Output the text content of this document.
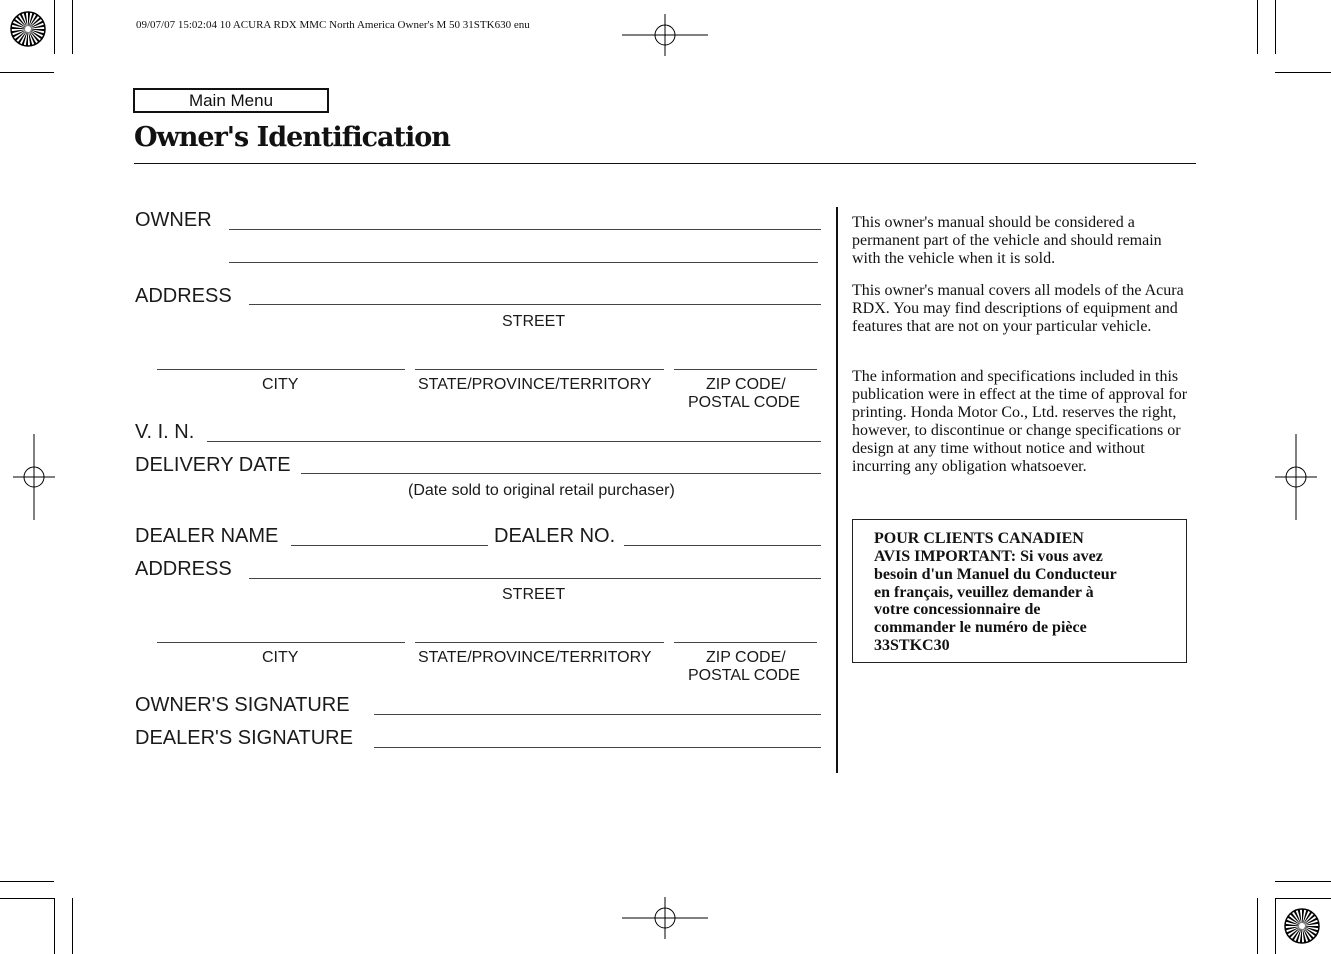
09/07/07 15:02:04 10 ACURA RDX MMC North America Owner's M 50 31STK630 enu
Main Menu
Owner's Identification
OWNER
ADDRESS
STREET
CITY	STATE/PROVINCE/TERRITORY	ZIP CODE/
POSTAL CODE
V. I. N.
DELIVERY DATE
(Date sold to original retail purchaser)
DEALER NAME	DEALER NO.
ADDRESS
STREET
CITY	STATE/PROVINCE/TERRITORY	ZIP CODE/
POSTAL CODE
OWNER'S SIGNATURE
DEALER'S SIGNATURE

This owner's manual should be considered a permanent part of the vehicle and should remain with the vehicle when it is sold.

This owner's manual covers all models of the Acura RDX. You may find descriptions of equipment and features that are not on your particular vehicle.

The information and specifications included in this publication were in effect at the time of approval for printing. Honda Motor Co., Ltd. reserves the right, however, to discontinue or change specifications or design at any time without notice and without incurring any obligation whatsoever.

POUR CLIENTS CANADIEN
AVIS IMPORTANT: Si vous avez
besoin d'un Manuel du Conducteur
en français, veuillez demander à
votre concessionnaire de
commander le numéro de pièce
33STKC30
